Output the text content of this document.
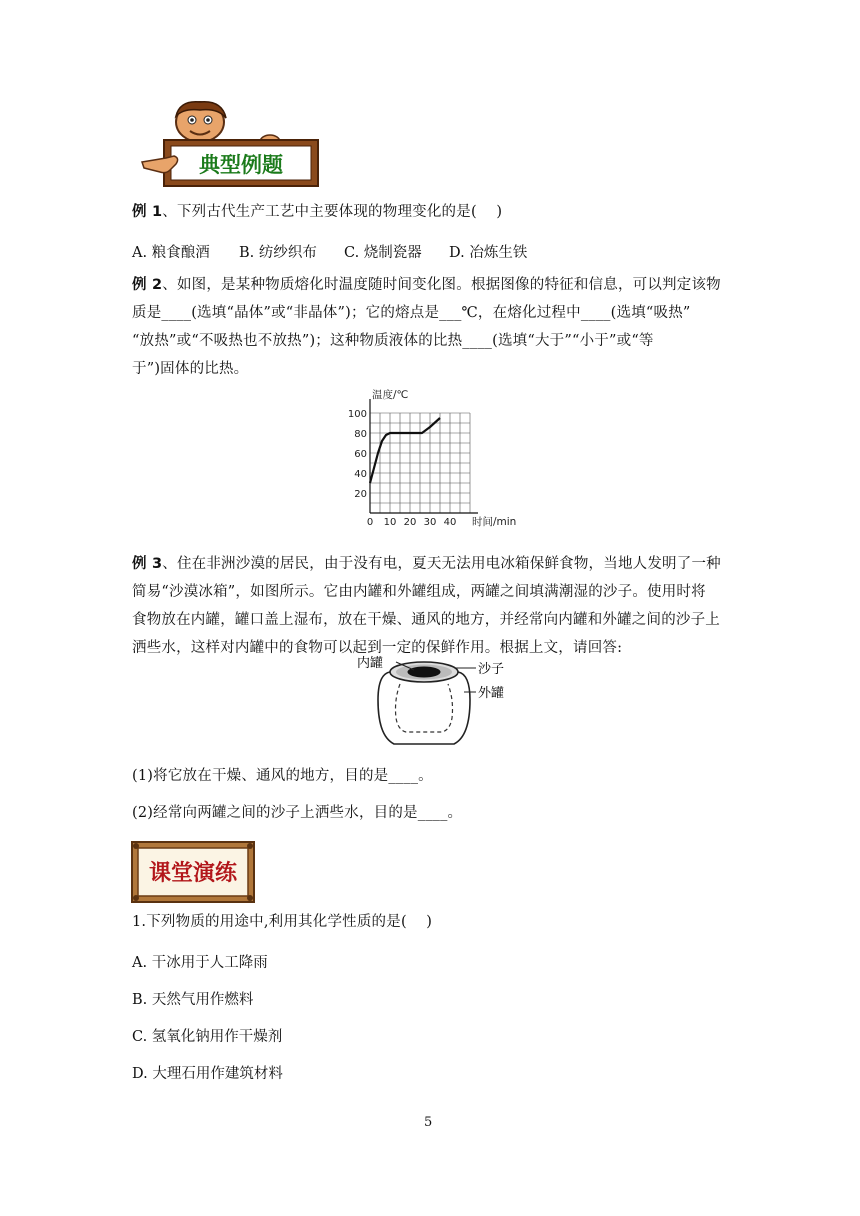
典型例题
例 1、下列古代生产工艺中主要体现的物理变化的是(　 )
A. 粮食酿酒	B. 纺纱织布	C. 烧制瓷器	D. 冶炼生铁
例 2、如图，是某种物质熔化时温度随时间变化图。根据图像的特征和信息，可以判定该物
质是____(选填“晶体”或“非晶体”)；它的熔点是___℃，在熔化过程中____(选填“吸热”
“放热”或“不吸热也不放热”)；这种物质液体的比热____(选填“大于”“小于”或“等
于”)固体的比热。
20
40
60
80
100
0 10 20 30 40
温度/℃
时间/min
例 3、住在非洲沙漠的居民，由于没有电，夏天无法用电冰箱保鲜食物，当地人发明了一种
简易“沙漠冰箱”，如图所示。它由内罐和外罐组成，两罐之间填满潮湿的沙子。使用时将
食物放在内罐，罐口盖上湿布，放在干燥、通风的地方，并经常向内罐和外罐之间的沙子上
洒些水，这样对内罐中的食物可以起到一定的保鲜作用。根据上文，请回答:
内罐	沙子
外罐
(1)将它放在干燥、通风的地方，目的是____。
(2)经常向两罐之间的沙子上洒些水，目的是____。
课堂演练
1.下列物质的用途中,利用其化学性质的是(　 )
A. 干冰用于人工降雨
B. 天然气用作燃料
C. 氢氧化钠用作干燥剂
D. 大理石用作建筑材料
5
